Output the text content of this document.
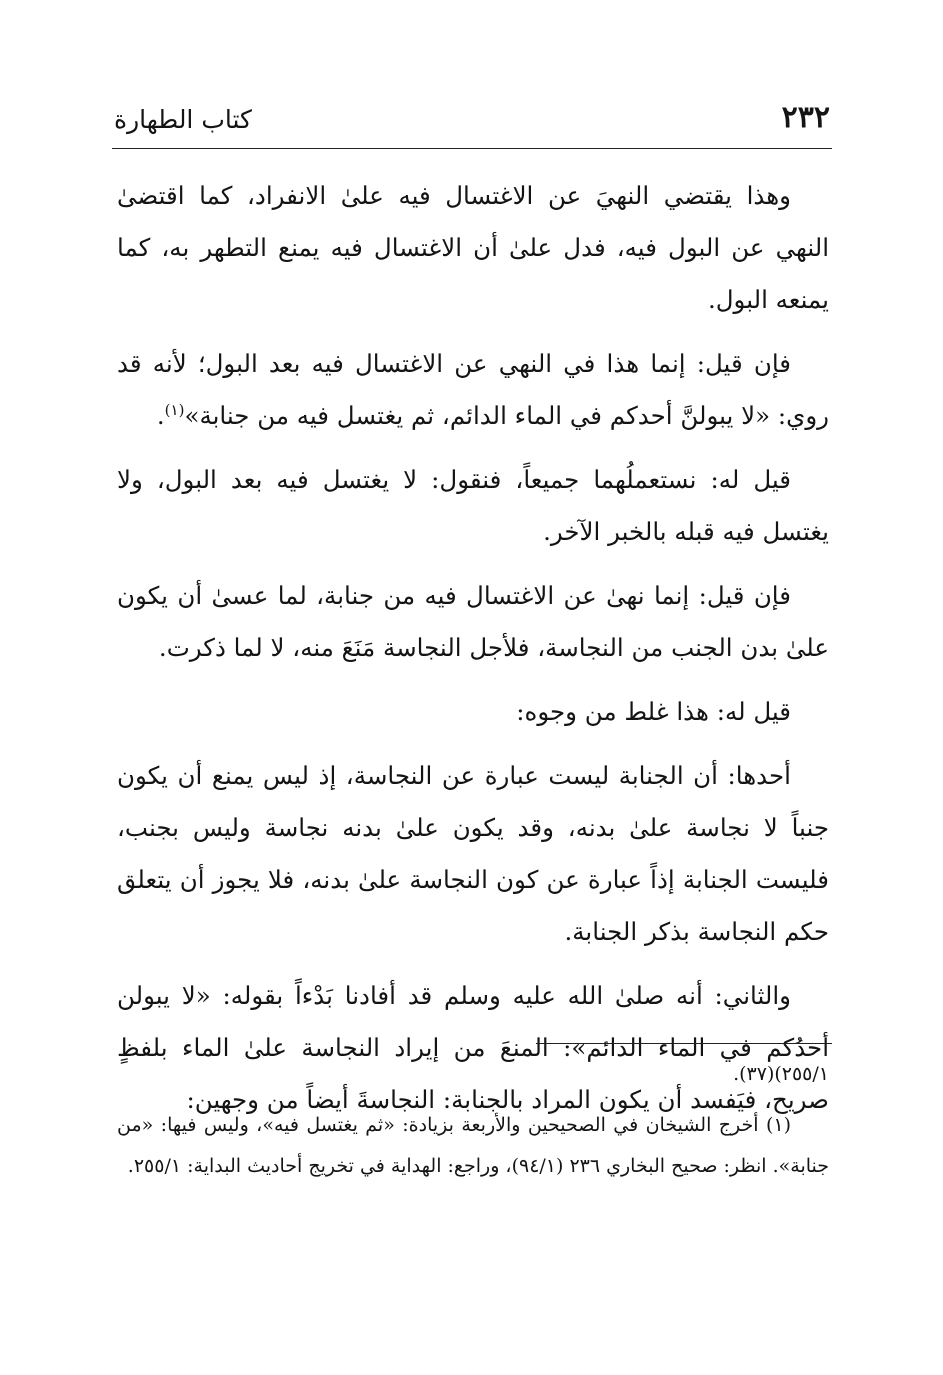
٢٣٢
كتاب الطهارة

وهذا يقتضي النهيَ عن الاغتسال فيه علىٰ الانفراد، كما اقتضىٰ النهي عن البول فيه، فدل علىٰ أن الاغتسال فيه يمنع التطهر به، كما يمنعه البول.

فإن قيل: إنما هذا في النهي عن الاغتسال فيه بعد البول؛ لأنه قد روي: «لا يبولنَّ أحدكم في الماء الدائم، ثم يغتسل فيه من جنابة»$^{(١)}$.

قيل له: نستعملُهما جميعاً، فنقول: لا يغتسل فيه بعد البول، ولا يغتسل فيه قبله بالخبر الآخر.

فإن قيل: إنما نهىٰ عن الاغتسال فيه من جنابة، لما عسىٰ أن يكون علىٰ بدن الجنب من النجاسة، فلأجل النجاسة مَنَعَ منه، لا لما ذكرت.

قيل له: هذا غلط من وجوه:

أحدها: أن الجنابة ليست عبارة عن النجاسة، إذ ليس يمنع أن يكون جنباً لا نجاسة علىٰ بدنه، وقد يكون علىٰ بدنه نجاسة وليس بجنب، فليست الجنابة إذاً عبارة عن كون النجاسة علىٰ بدنه، فلا يجوز أن يتعلق حكم النجاسة بذكر الجنابة.

والثاني: أنه صلىٰ الله عليه وسلم قد أفادنا بَدْءاً بقوله: «لا يبولن أحدُكم في الماء الدائم»: المنعَ من إيراد النجاسة علىٰ الماء بلفظٍ صريح، فيَفسد أن يكون المراد بالجنابة: النجاسةَ أيضاً من وجهين:

٢٥٥/١)(٣٧).

(١) أخرج الشيخان في الصحيحين والأربعة بزيادة: «ثم يغتسل فيه»، وليس فيها: «من جنابة». انظر: صحيح البخاري ٢٣٦ (٩٤/١)، وراجع: الهداية في تخريج أحاديث البداية: ٢٥٥/١.
